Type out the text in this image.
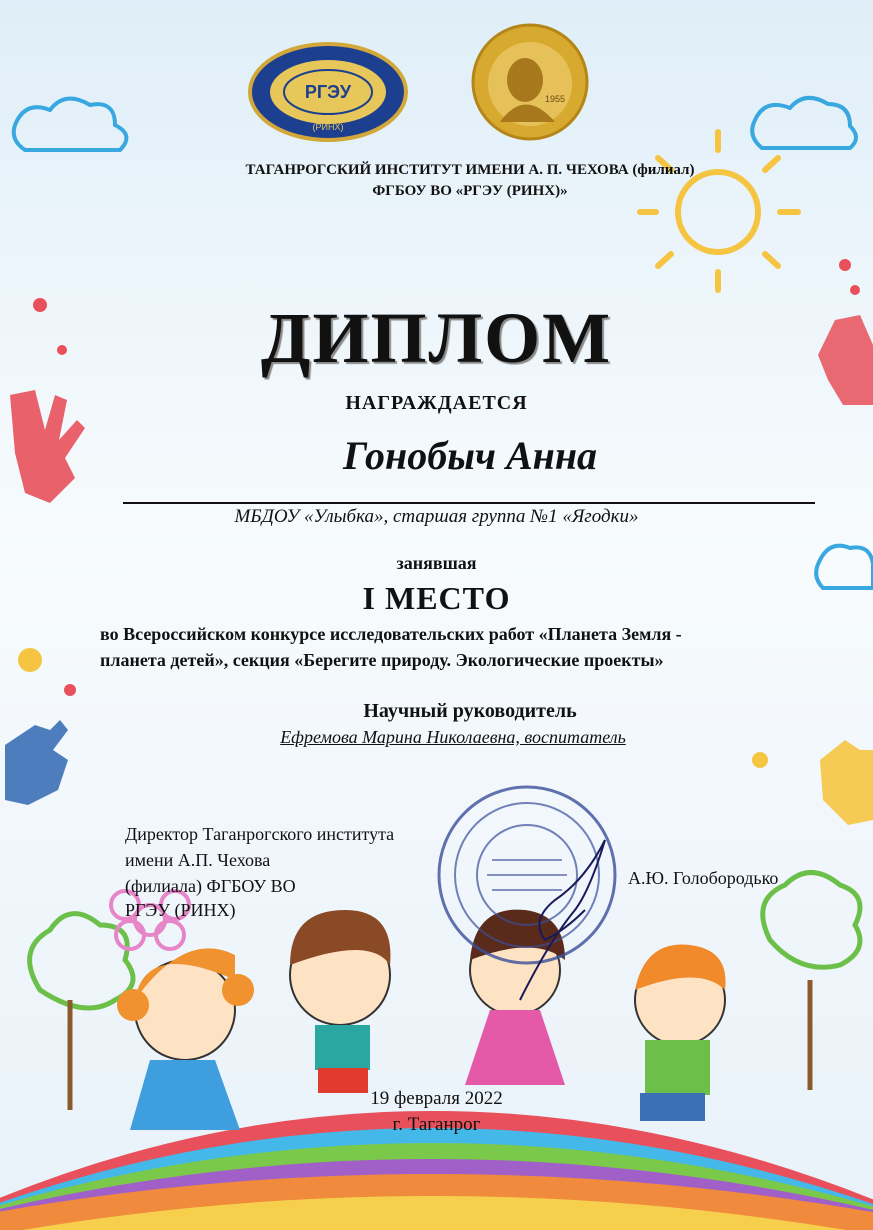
РГЭУ
(РИНХ)
1955
ТАГАНРОГСКИЙ ИНСТИТУТ ИМЕНИ А. П. ЧЕХОВА (филиал)
ФГБОУ ВО «РГЭУ (РИНХ)»
ДИПЛОМ
НАГРАЖДАЕТСЯ
Гонобыч Анна
МБДОУ «Улыбка», старшая группа №1 «Ягодки»
занявшая
I МЕСТО
во Всероссийском конкурсе исследовательских работ «Планета Земля -
планета детей», секция «Берегите природу. Экологические проекты»
Научный руководитель
Ефремова Марина Николаевна, воспитатель
Директор Таганрогского института
имени А.П. Чехова
(филиала) ФГБОУ ВО
РГЭУ (РИНХ)
А.Ю. Голобородько
19 февраля 2022
г. Таганрог
